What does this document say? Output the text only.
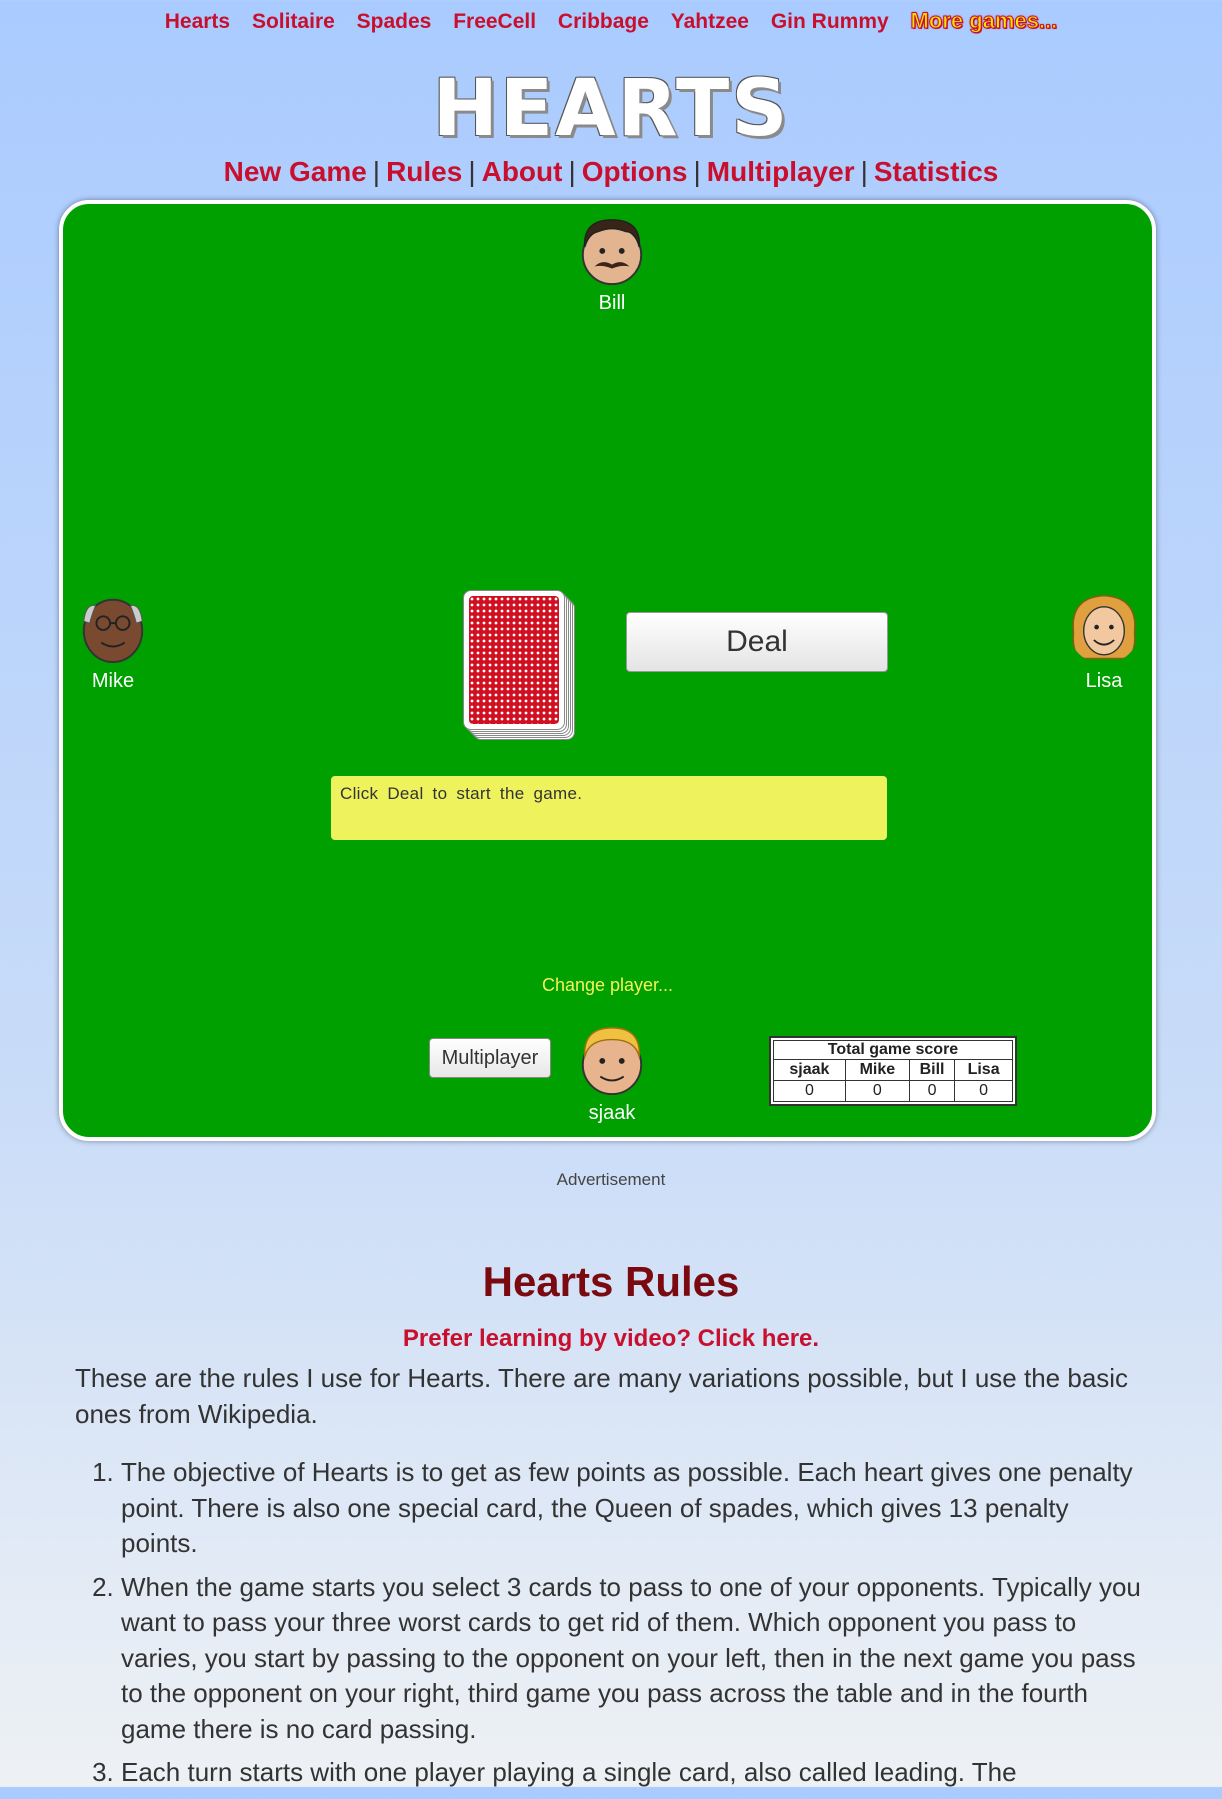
Hearts Solitaire Spades FreeCell Cribbage Yahtzee Gin Rummy More games...
HEARTS
New Game | Rules | About | Options | Multiplayer | Statistics
Bill
Mike	Lisa
Deal
Click Deal to start the game.
Change player...
Multiplayer
sjaak
Total game score
sjaak	Mike	Bill	Lisa
0	0	0	0
Advertisement
Hearts Rules
Prefer learning by video? Click here.
These are the rules I use for Hearts. There are many variations possible, but I use the basic ones from Wikipedia.
1. The objective of Hearts is to get as few points as possible. Each heart gives one penalty point. There is also one special card, the Queen of spades, which gives 13 penalty points.
2. When the game starts you select 3 cards to pass to one of your opponents. Typically you want to pass your three worst cards to get rid of them. Which opponent you pass to varies, you start by passing to the opponent on your left, then in the next game you pass to the opponent on your right, third game you pass across the table and in the fourth game there is no card passing.
3. Each turn starts with one player playing a single card, also called leading. The
